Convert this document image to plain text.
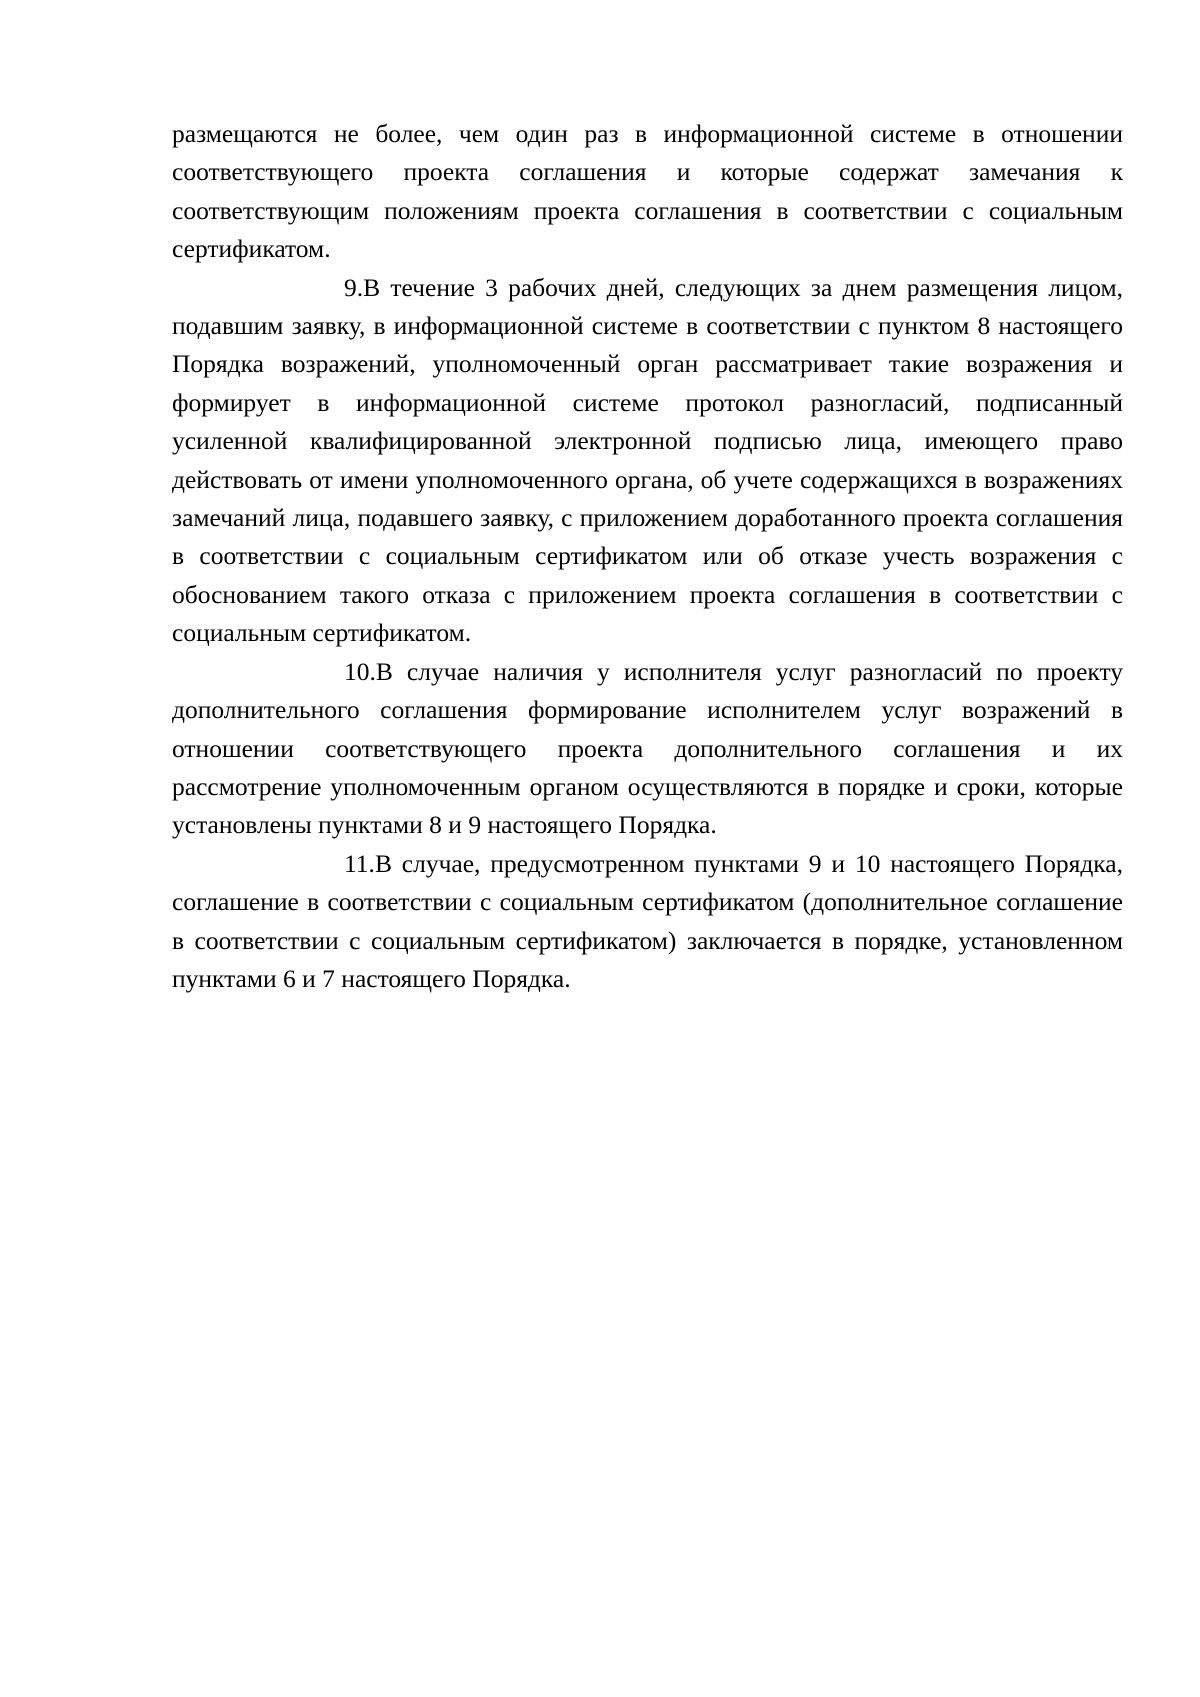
размещаются не более, чем один раз в информационной системе в отношении соответствующего проекта соглашения и которые содержат замечания к соответствующим положениям проекта соглашения в соответствии с социальным сертификатом.

9.В течение 3 рабочих дней, следующих за днем размещения лицом, подавшим заявку, в информационной системе в соответствии с пунктом 8 настоящего Порядка возражений, уполномоченный орган рассматривает такие возражения и формирует в информационной системе протокол разногласий, подписанный усиленной квалифицированной электронной подписью лица, имеющего право действовать от имени уполномоченного органа, об учете содержащихся в возражениях замечаний лица, подавшего заявку, с приложением доработанного проекта соглашения в соответствии с социальным сертификатом или об отказе учесть возражения с обоснованием такого отказа с приложением проекта соглашения в соответствии с социальным сертификатом.

10.В случае наличия у исполнителя услуг разногласий по проекту дополнительного соглашения формирование исполнителем услуг возражений в отношении соответствующего проекта дополнительного соглашения и их рассмотрение уполномоченным органом осуществляются в порядке и сроки, которые установлены пунктами 8 и 9 настоящего Порядка.

11.В случае, предусмотренном пунктами 9 и 10 настоящего Порядка, соглашение в соответствии с социальным сертификатом (дополнительное соглашение в соответствии с социальным сертификатом) заключается в порядке, установленном пунктами 6 и 7 настоящего Порядка.
